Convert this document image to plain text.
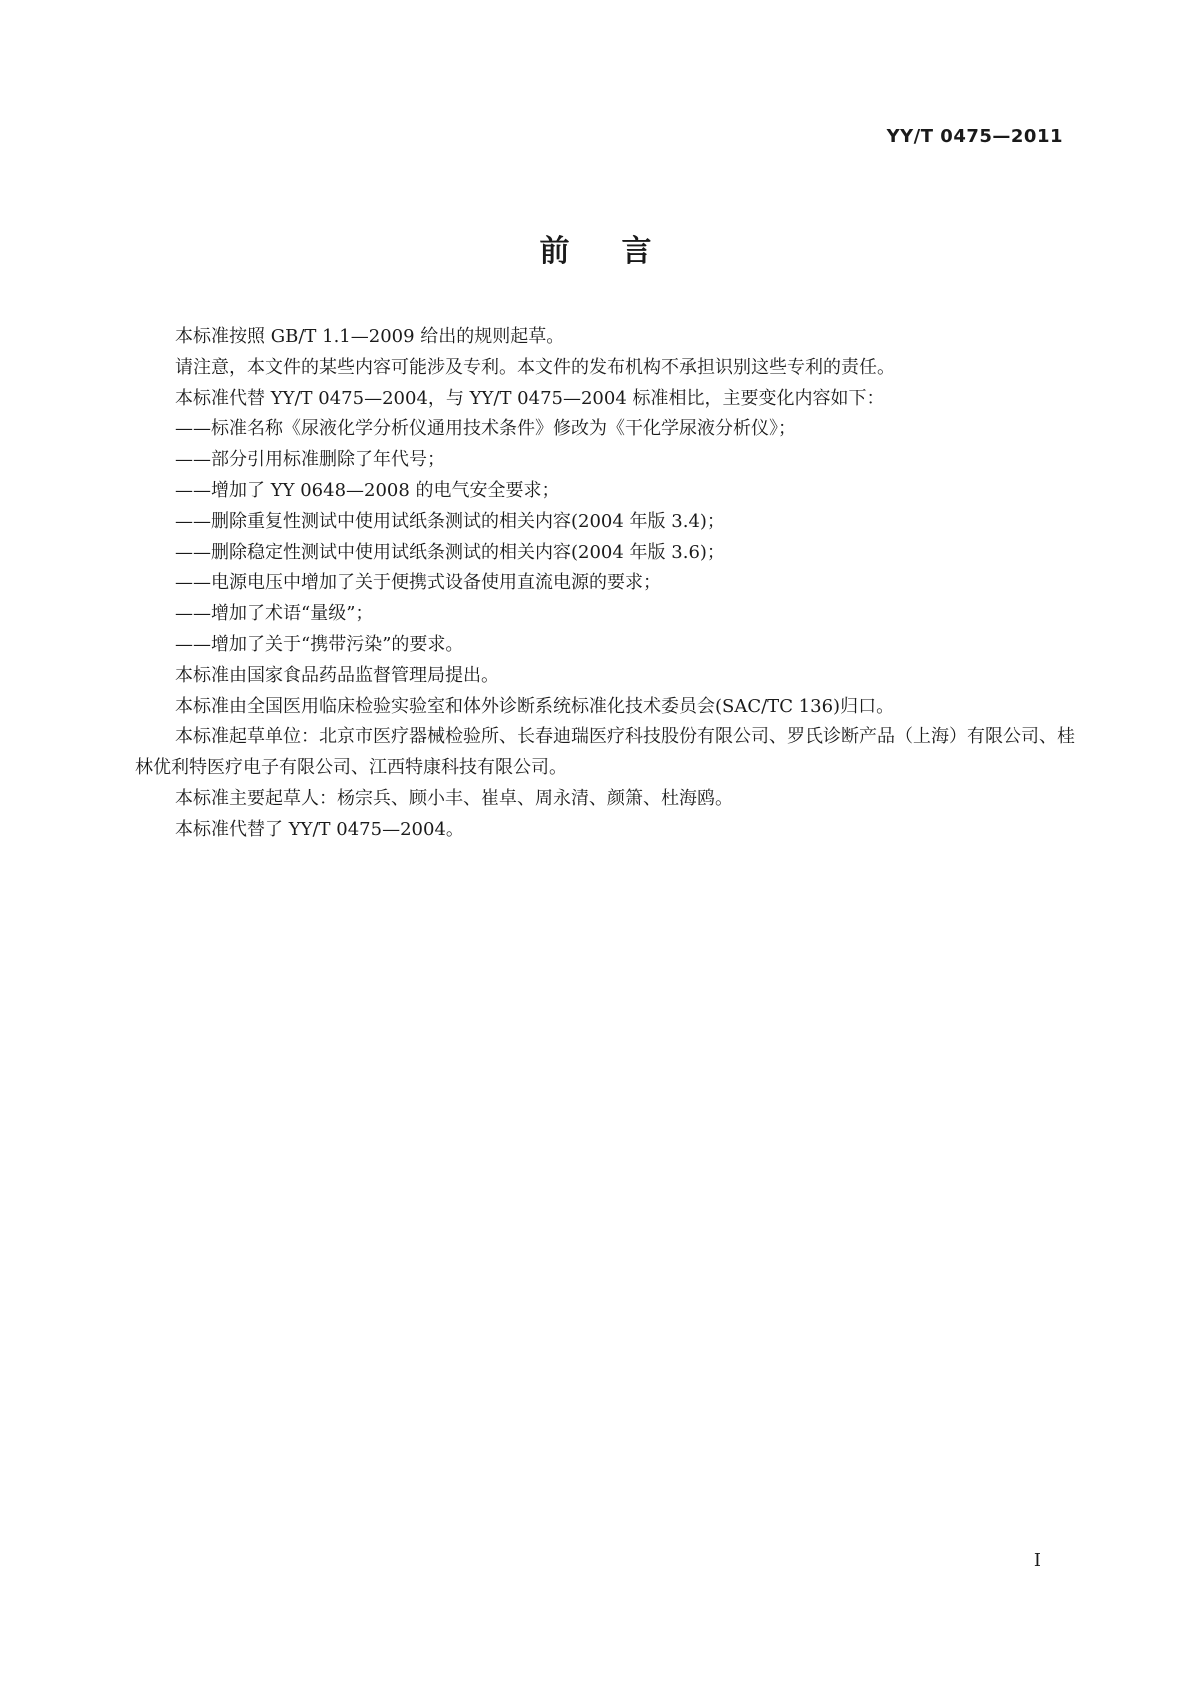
YY/T 0475—2011
前言

本标准按照 GB/T 1.1—2009 给出的规则起草。

请注意，本文件的某些内容可能涉及专利。本文件的发布机构不承担识别这些专利的责任。

本标准代替 YY/T 0475—2004，与 YY/T 0475—2004 标准相比，主要变化内容如下：

——标准名称《尿液化学分析仪通用技术条件》修改为《干化学尿液分析仪》；

——部分引用标准删除了年代号；

——增加了 YY 0648—2008 的电气安全要求；

——删除重复性测试中使用试纸条测试的相关内容(2004 年版 3.4)；

——删除稳定性测试中使用试纸条测试的相关内容(2004 年版 3.6)；

——电源电压中增加了关于便携式设备使用直流电源的要求；

——增加了术语“量级”；

——增加了关于“携带污染”的要求。

本标准由国家食品药品监督管理局提出。

本标准由全国医用临床检验实验室和体外诊断系统标准化技术委员会(SAC/TC 136)归口。

本标准起草单位：北京市医疗器械检验所、长春迪瑞医疗科技股份有限公司、罗氏诊断产品（上海）有限公司、桂林优利特医疗电子有限公司、江西特康科技有限公司。

本标准主要起草人：杨宗兵、顾小丰、崔卓、周永清、颜箫、杜海鸥。

本标准代替了 YY/T 0475—2004。

I
